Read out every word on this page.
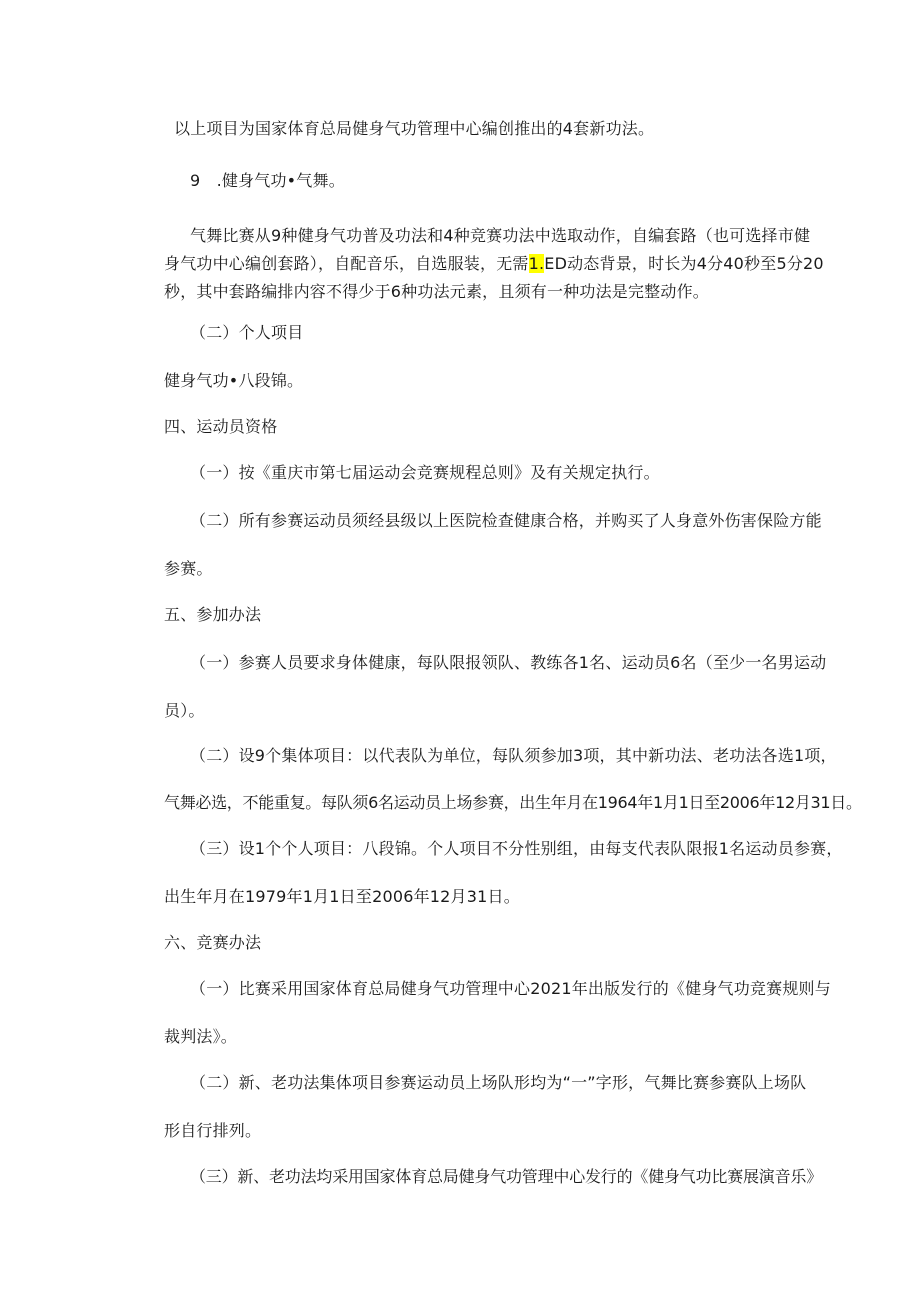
以上项目为国家体育总局健身气功管理中心编创推出的4套新功法。
9　.健身气功•气舞。
气舞比赛从9种健身气功普及功法和4种竞赛功法中选取动作，自编套路（也可选择市健
身气功中心编创套路），自配音乐，自选服装，无需1.ED动态背景，时长为4分40秒至5分20
秒，其中套路编排内容不得少于6种功法元素，且须有一种功法是完整动作。
（二）个人项目
健身气功•八段锦。
四、运动员资格
（一）按《重庆市第七届运动会竞赛规程总则》及有关规定执行。
（二）所有参赛运动员须经县级以上医院检查健康合格，并购买了人身意外伤害保险方能
参赛。
五、参加办法
（一）参赛人员要求身体健康，每队限报领队、教练各1名、运动员6名（至少一名男运动
员）。
（二）设9个集体项目：以代表队为单位，每队须参加3项，其中新功法、老功法各选1项，
气舞必选，不能重复。每队须6名运动员上场参赛，出生年月在1964年1月1日至2006年12月31日。
（三）设1个个人项目：八段锦。个人项目不分性别组，由每支代表队限报1名运动员参赛，
出生年月在1979年1月1日至2006年12月31日。
六、竞赛办法
（一）比赛采用国家体育总局健身气功管理中心2021年出版发行的《健身气功竞赛规则与
裁判法》。
（二）新、老功法集体项目参赛运动员上场队形均为“一”字形，气舞比赛参赛队上场队
形自行排列。
（三）新、老功法均采用国家体育总局健身气功管理中心发行的《健身气功比赛展演音乐》
